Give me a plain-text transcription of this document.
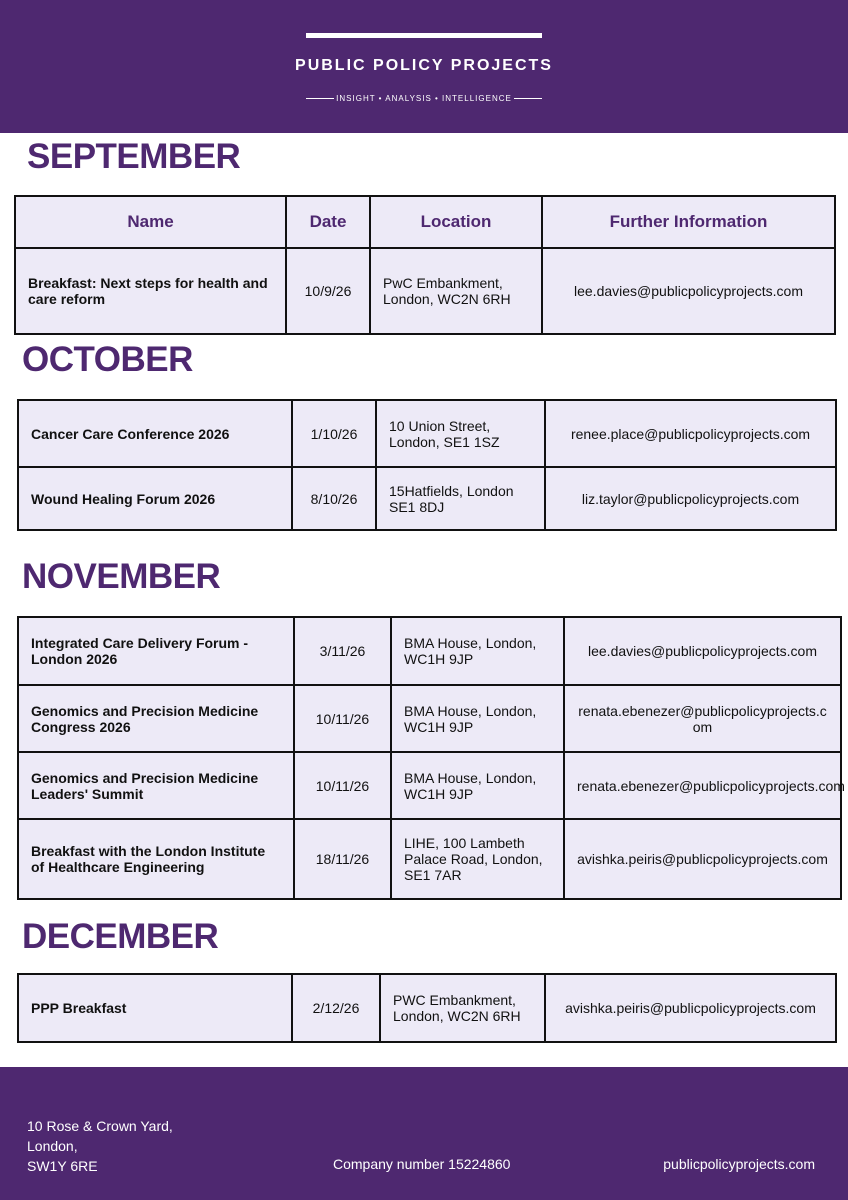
PUBLIC POLICY PROJECTS
INSIGHT • ANALYSIS • INTELLIGENCE
SEPTEMBER
Name	Date	Location	Further Information
Breakfast: Next steps for health and care reform	10/9/26	PwC Embankment, London, WC2N 6RH	lee.davies@publicpolicyprojects.com
OCTOBER
Cancer Care Conference 2026	1/10/26	10 Union Street, London, SE1 1SZ	renee.place@publicpolicyprojects.com
Wound Healing Forum 2026	8/10/26	15Hatfields, London SE1 8DJ	liz.taylor@publicpolicyprojects.com
NOVEMBER
Integrated Care Delivery Forum - London 2026	3/11/26	BMA House, London, WC1H 9JP	lee.davies@publicpolicyprojects.com
Genomics and Precision Medicine Congress 2026	10/11/26	BMA House, London, WC1H 9JP	renata.ebenezer@publicpolicyprojects.com
Genomics and Precision Medicine Leaders' Summit	10/11/26	BMA House, London, WC1H 9JP	renata.ebenezer@publicpolicyprojects.com
Breakfast with the London Institute of Healthcare Engineering	18/11/26	LIHE, 100 Lambeth Palace Road, London, SE1 7AR	avishka.peiris@publicpolicyprojects.com
DECEMBER
PPP Breakfast	2/12/26	PWC Embankment, London, WC2N 6RH	avishka.peiris@publicpolicyprojects.com
10 Rose & Crown Yard,
London,
SW1Y 6RE	Company number 15224860	publicpolicyprojects.com
